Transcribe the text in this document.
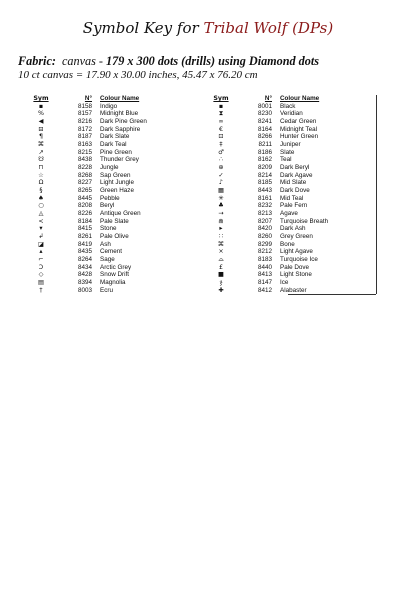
Symbol Key for Tribal Wolf (DPs)
Fabric: canvas - 179 x 300 dots (drills) using Diamond dots
10 ct canvas = 17.90 x 30.00 inches, 45.47 x 76.20 cm
Sym	N°	Colour Name
▪	8158	Indigo
%	8157	Midnight Blue
◀	8216	Dark Pine Green
⊟	8172	Dark Sapphire
¶	8187	Dark Slate
⌘	8163	Dark Teal
↗	8215	Pine Green
☋	8438	Thunder Grey
⊓	8228	Jungle
☆	8268	Sap Green
Ω	8227	Light Jungle
§	8265	Green Haze
♠	8445	Pebble
○	8208	Beryl
◬	8226	Antique Green
<	8184	Pale Slate
▾	8415	Stone
↲	8261	Pale Olive
◪	8419	Ash
▴	8435	Cement
⌐	8264	Sage
Ↄ	8434	Arctic Grey
◇	8428	Snow Drift
▤	8394	Magnolia
†	8003	Ecru
Sym	N°	Colour Name
▪	8001	Black
⧗	8230	Veridian
∞	8241	Cedar Green
€	8164	Midnight Teal
⊡	8266	Hunter Green
‡	8211	Juniper
♂	8186	Slate
∴	8162	Teal
⊕	8209	Dark Beryl
✓	8214	Dark Agave
♪	8185	Mid Slate
▦	8443	Dark Dove
✳	8161	Mid Teal
♣	8232	Pale Fern
→	8213	Agave
⋒	8207	Turquoise Breath
▸	8420	Dark Ash
∷	8260	Grey Green
⌘	8299	Bone
×	8212	Light Agave
⌓	8183	Turquoise Ice
£	8440	Pale Dove
■	8413	Light Stone
ჯ	8147	Ice
✚	8412	Alabaster
